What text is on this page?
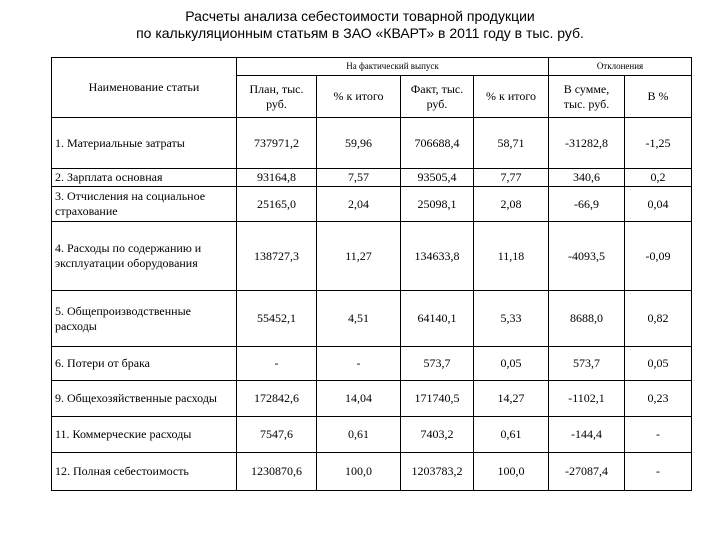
Расчеты анализа себестоимости товарной продукции
по калькуляционным статьям в ЗАО «КВАРТ» в 2011 году в тыс. руб.
Наименование статьи	На фактический выпуск				Отклонения	
	План, тыс. руб.	% к итого	Факт, тыс. руб.	% к итого	В сумме, тыс. руб.	В %
1. Материальные затраты	737971,2	59,96	706688,4	58,71	-31282,8	-1,25
2. Зарплата основная	93164,8	7,57	93505,4	7,77	340,6	0,2
3. Отчисления на социальное страхование	25165,0	2,04	25098,1	2,08	-66,9	0,04
4. Расходы по содержанию и эксплуатации оборудования	138727,3	11,27	134633,8	11,18	-4093,5	-0,09
5. Общепроизводственные расходы	55452,1	4,51	64140,1	5,33	8688,0	0,82
6. Потери от брака	-	-	573,7	0,05	573,7	0,05
9. Общехозяйственные расходы	172842,6	14,04	171740,5	14,27	-1102,1	0,23
11. Коммерческие расходы	7547,6	0,61	7403,2	0,61	-144,4	-
12. Полная себестоимость	1230870,6	100,0	1203783,2	100,0	-27087,4	-
